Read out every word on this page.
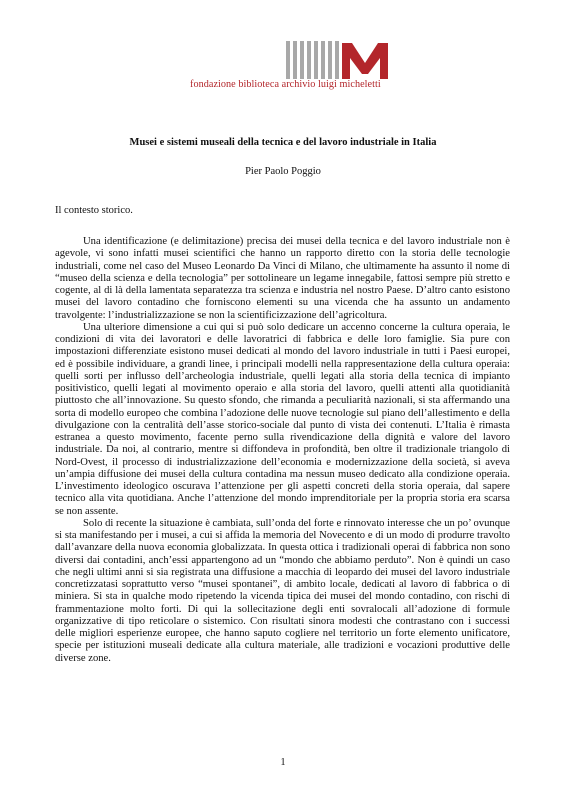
fondazione biblioteca archivio luigi micheletti
Musei e sistemi museali della tecnica e del lavoro industriale in Italia
Pier Paolo Poggio
Il contesto storico.

Una identificazione (e delimitazione) precisa dei musei della tecnica e del lavoro industriale non è agevole, vi sono infatti musei scientifici che hanno un rapporto diretto con la storia delle tecnologie industriali, come nel caso del Museo Leonardo Da Vinci di Milano, che ultimamente ha assunto il nome di “museo della scienza e della tecnologia” per sottolineare un legame innegabile, fattosi sempre più stretto e cogente, al di là della lamentata separatezza tra scienza e industria nel nostro Paese. D’altro canto esistono musei del lavoro contadino che forniscono elementi su una vicenda che ha assunto un andamento travolgente: l’industrializzazione se non la scientificizzazione dell’agricoltura.

Una ulteriore dimensione a cui qui si può solo dedicare un accenno concerne la cultura operaia, le condizioni di vita dei lavoratori e delle lavoratrici di fabbrica e delle loro famiglie. Sia pure con impostazioni differenziate esistono musei dedicati al mondo del lavoro industriale in tutti i Paesi europei, ed è possibile individuare, a grandi linee, i principali modelli nella rappresentazione della cultura operaia: quelli sorti per influsso dell’archeologia industriale, quelli legati alla storia della tecnica di impianto positivistico, quelli legati al movimento operaio e alla storia del lavoro, quelli attenti alla quotidianità piuttosto che all’innovazione. Su questo sfondo, che rimanda a peculiarità nazionali, si sta affermando una sorta di modello europeo che combina l’adozione delle nuove tecnologie sul piano dell’allestimento e della divulgazione con la centralità dell’asse storico-sociale dal punto di vista dei contenuti. L’Italia è rimasta estranea a questo movimento, facente perno sulla rivendicazione della dignità e valore del lavoro industriale. Da noi, al contrario, mentre si diffondeva in profondità, ben oltre il tradizionale triangolo di Nord-Ovest, il processo di industrializzazione dell’economia e modernizzazione della società, si aveva un’ampia diffusione dei musei della cultura contadina ma nessun museo dedicato alla condizione operaia. L’investimento ideologico oscurava l’attenzione per gli aspetti concreti della storia operaia, dal sapere tecnico alla vita quotidiana. Anche l’attenzione del mondo imprenditoriale per la propria storia era scarsa se non assente.

Solo di recente la situazione è cambiata, sull’onda del forte e rinnovato interesse che un po’ ovunque si sta manifestando per i musei, a cui si affida la memoria del Novecento e di un modo di produrre travolto dall’avanzare della nuova economia globalizzata. In questa ottica i tradizionali operai di fabbrica non sono diversi dai contadini, anch’essi appartengono ad un “mondo che abbiamo perduto”. Non è quindi un caso che negli ultimi anni si sia registrata una diffusione a macchia di leopardo dei musei del lavoro industriale concretizzatasi soprattutto verso “musei spontanei”, di ambito locale, dedicati al lavoro di fabbrica o di miniera. Si sta in qualche modo ripetendo la vicenda tipica dei musei del mondo contadino, con rischi di frammentazione molto forti. Di qui la sollecitazione degli enti sovralocali all’adozione di formule organizzative di tipo reticolare o sistemico. Con risultati sinora modesti che contrastano con i successi delle migliori esperienze europee, che hanno saputo cogliere nel territorio un forte elemento unificatore, specie per istituzioni museali dedicate alla cultura materiale, alle tradizioni e vocazioni produttive delle diverse zone.

1
